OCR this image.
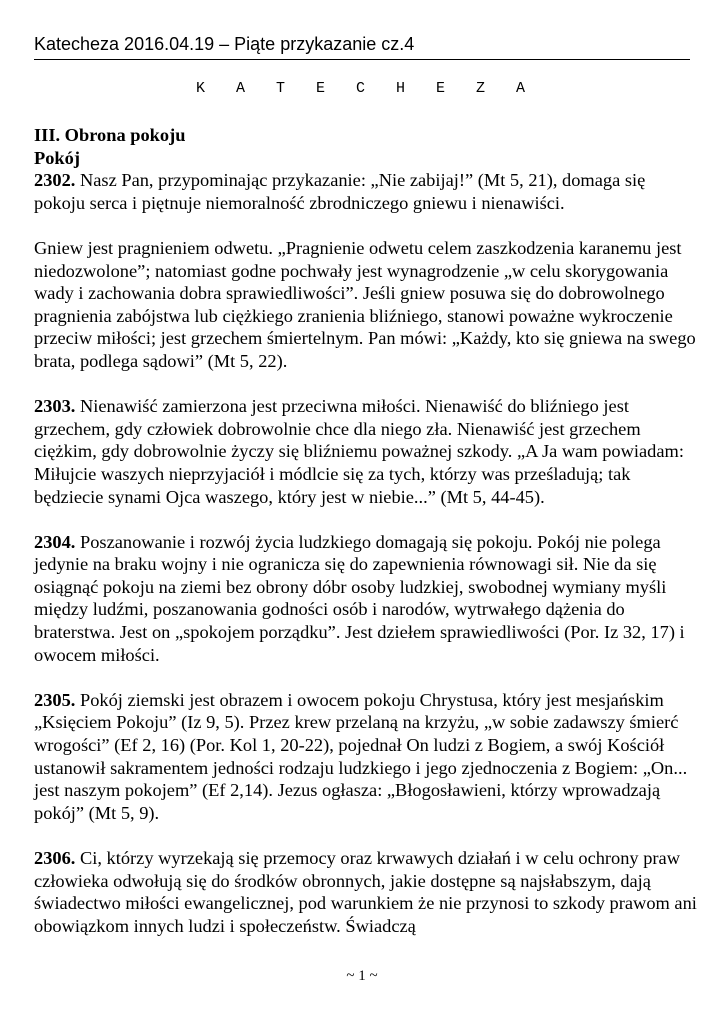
Katecheza 2016.04.19 – Piąte przykazanie cz.4
K A T E C H E Z A
III. Obrona pokoju
Pokój

2302. Nasz Pan, przypominając przykazanie: „Nie zabijaj!” (Mt 5, 21), domaga się pokoju serca i piętnuje niemoralność zbrodniczego gniewu i nienawiści.

Gniew jest pragnieniem odwetu. „Pragnienie odwetu celem zaszkodzenia karanemu jest niedozwolone”; natomiast godne pochwały jest wynagrodzenie „w celu skorygowania wady i zachowania dobra sprawiedliwości”. Jeśli gniew posuwa się do dobrowolnego pragnienia zabójstwa lub ciężkiego zranienia bliźniego, stanowi poważne wykroczenie przeciw miłości; jest grzechem śmiertelnym. Pan mówi: „Każdy, kto się gniewa na swego brata, podlega sądowi” (Mt 5, 22).

2303. Nienawiść zamierzona jest przeciwna miłości. Nienawiść do bliźniego jest grzechem, gdy człowiek dobrowolnie chce dla niego zła. Nienawiść jest grzechem ciężkim, gdy dobrowolnie życzy się bliźniemu poważnej szkody. „A Ja wam powiadam: Miłujcie waszych nieprzyjaciół i módlcie się za tych, którzy was prześladują; tak będziecie synami Ojca waszego, który jest w niebie...” (Mt 5, 44-45).

2304. Poszanowanie i rozwój życia ludzkiego domagają się pokoju. Pokój nie polega jedynie na braku wojny i nie ogranicza się do zapewnienia równowagi sił. Nie da się osiągnąć pokoju na ziemi bez obrony dóbr osoby ludzkiej, swobodnej wymiany myśli między ludźmi, poszanowania godności osób i narodów, wytrwałego dążenia do braterstwa. Jest on „spokojem porządku”. Jest dziełem sprawiedliwości (Por. Iz 32, 17) i owocem miłości.

2305. Pokój ziemski jest obrazem i owocem pokoju Chrystusa, który jest mesjańskim „Księciem Pokoju” (Iz 9, 5). Przez krew przelaną na krzyżu, „w sobie zadawszy śmierć wrogości” (Ef 2, 16) (Por. Kol 1, 20-22), pojednał On ludzi z Bogiem, a swój Kościół ustanowił sakramentem jedności rodzaju ludzkiego i jego zjednoczenia z Bogiem: „On... jest naszym pokojem” (Ef 2,14). Jezus ogłasza: „Błogosławieni, którzy wprowadzają pokój” (Mt 5, 9).

2306. Ci, którzy wyrzekają się przemocy oraz krwawych działań i w celu ochrony praw człowieka odwołują się do środków obronnych, jakie dostępne są najsłabszym, dają świadectwo miłości ewangelicznej, pod warunkiem że nie przynosi to szkody prawom ani obowiązkom innych ludzi i społeczeństw. Świadczą

~ 1 ~
